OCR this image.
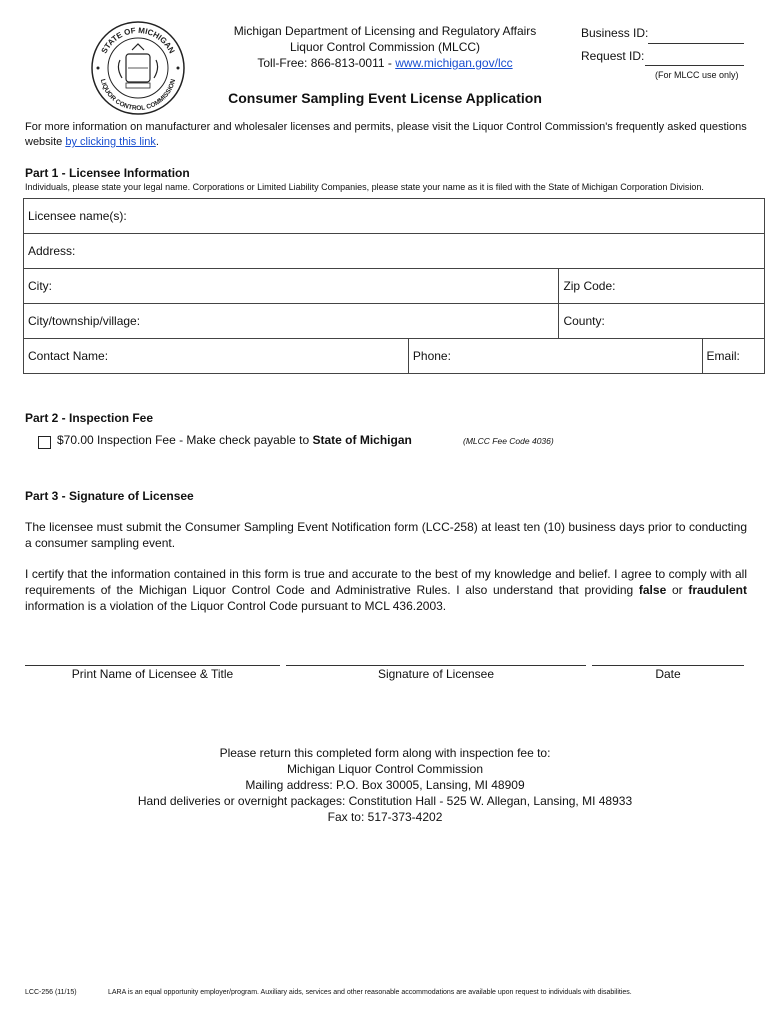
STATE OF MICHIGAN
LIQUOR CONTROL COMMISSION
Michigan Department of Licensing and Regulatory Affairs
Liquor Control Commission (MLCC)
Toll-Free: 866-813-0011 - www.michigan.gov/lcc
Business ID:
Request ID:
(For MLCC use only)
Consumer Sampling Event License Application
For more information on manufacturer and wholesaler licenses and permits, please visit the Liquor Control Commission's frequently asked questions website by clicking this link.
Part 1 - Licensee Information
Individuals, please state your legal name. Corporations or Limited Liability Companies, please state your name as it is filed with the State of Michigan Corporation Division.
Licensee name(s):			
Address:			
City:		Zip Code:	
City/township/village:		County:	
Contact Name:	Phone:		Email:
Part 2 - Inspection Fee
$70.00 Inspection Fee - Make check payable to State of Michigan	(MLCC Fee Code 4036)
Part 3 - Signature of Licensee
The licensee must submit the Consumer Sampling Event Notification form (LCC-258) at least ten (10) business days prior to conducting a consumer sampling event.
I certify that the information contained in this form is true and accurate to the best of my knowledge and belief. I agree to comply with all requirements of the Michigan Liquor Control Code and Administrative Rules. I also understand that providing false or fraudulent information is a violation of the Liquor Control Code pursuant to MCL 436.2003.
Print Name of Licensee & Title	Signature of Licensee	Date
Please return this completed form along with inspection fee to:
Michigan Liquor Control Commission
Mailing address: P.O. Box 30005, Lansing, MI 48909
Hand deliveries or overnight packages: Constitution Hall - 525 W. Allegan, Lansing, MI 48933
Fax to: 517-373-4202
LCC-256 (11/15)	LARA is an equal opportunity employer/program. Auxiliary aids, services and other reasonable accommodations are available upon request to individuals with disabilities.
